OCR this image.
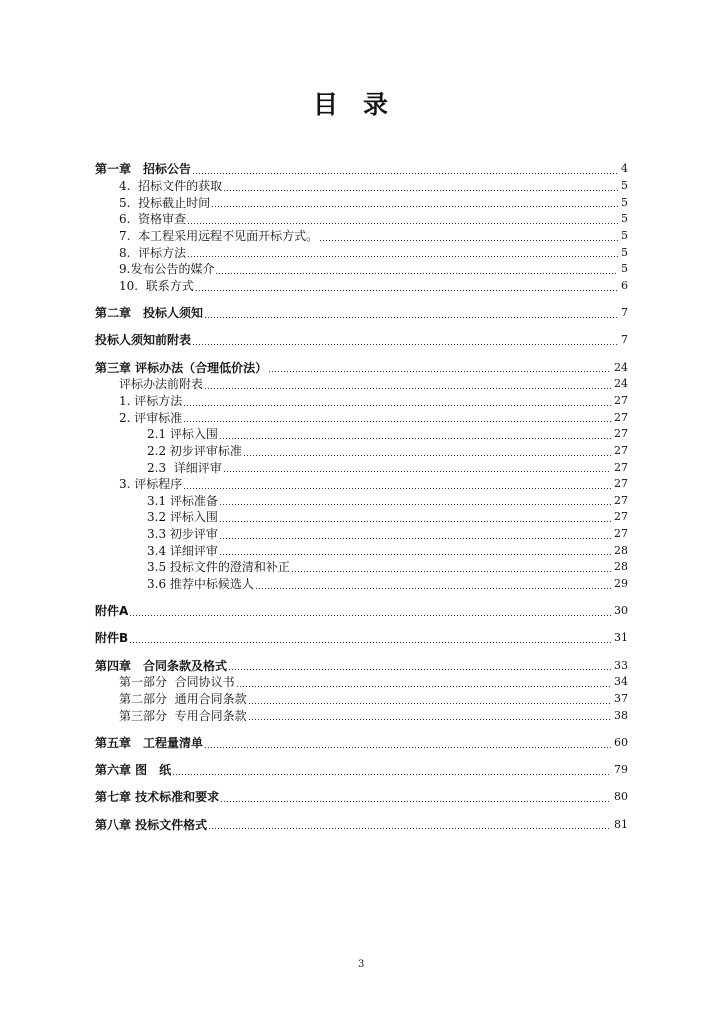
目　录
第一章　招标公告	4
4.  招标文件的获取	5
5.  投标截止时间	5
6.  资格审查	5
7.  本工程采用远程不见面开标方式。	5
8.  评标方法	5
9.发布公告的媒介	5
10.  联系方式	6
第二章　投标人须知	7
投标人须知前附表	7
第三章 评标办法（合理低价法）	24
评标办法前附表	24
1. 评标方法	27
2. 评审标准	27
2.1 评标入围	27
2.2 初步评审标准	27
2.3  详细评审	27
3. 评标程序	27
3.1 评标准备	27
3.2 评标入围	27
3.3 初步评审	27
3.4 详细评审	28
3.5 投标文件的澄清和补正	28
3.6 推荐中标候选人	29
附件A	30
附件B	31
第四章　合同条款及格式	33
第一部分  合同协议书	34
第二部分  通用合同条款	37
第三部分  专用合同条款	38
第五章　工程量清单	60
第六章 图　纸	79
第七章 技术标准和要求	80
第八章 投标文件格式	81
3
